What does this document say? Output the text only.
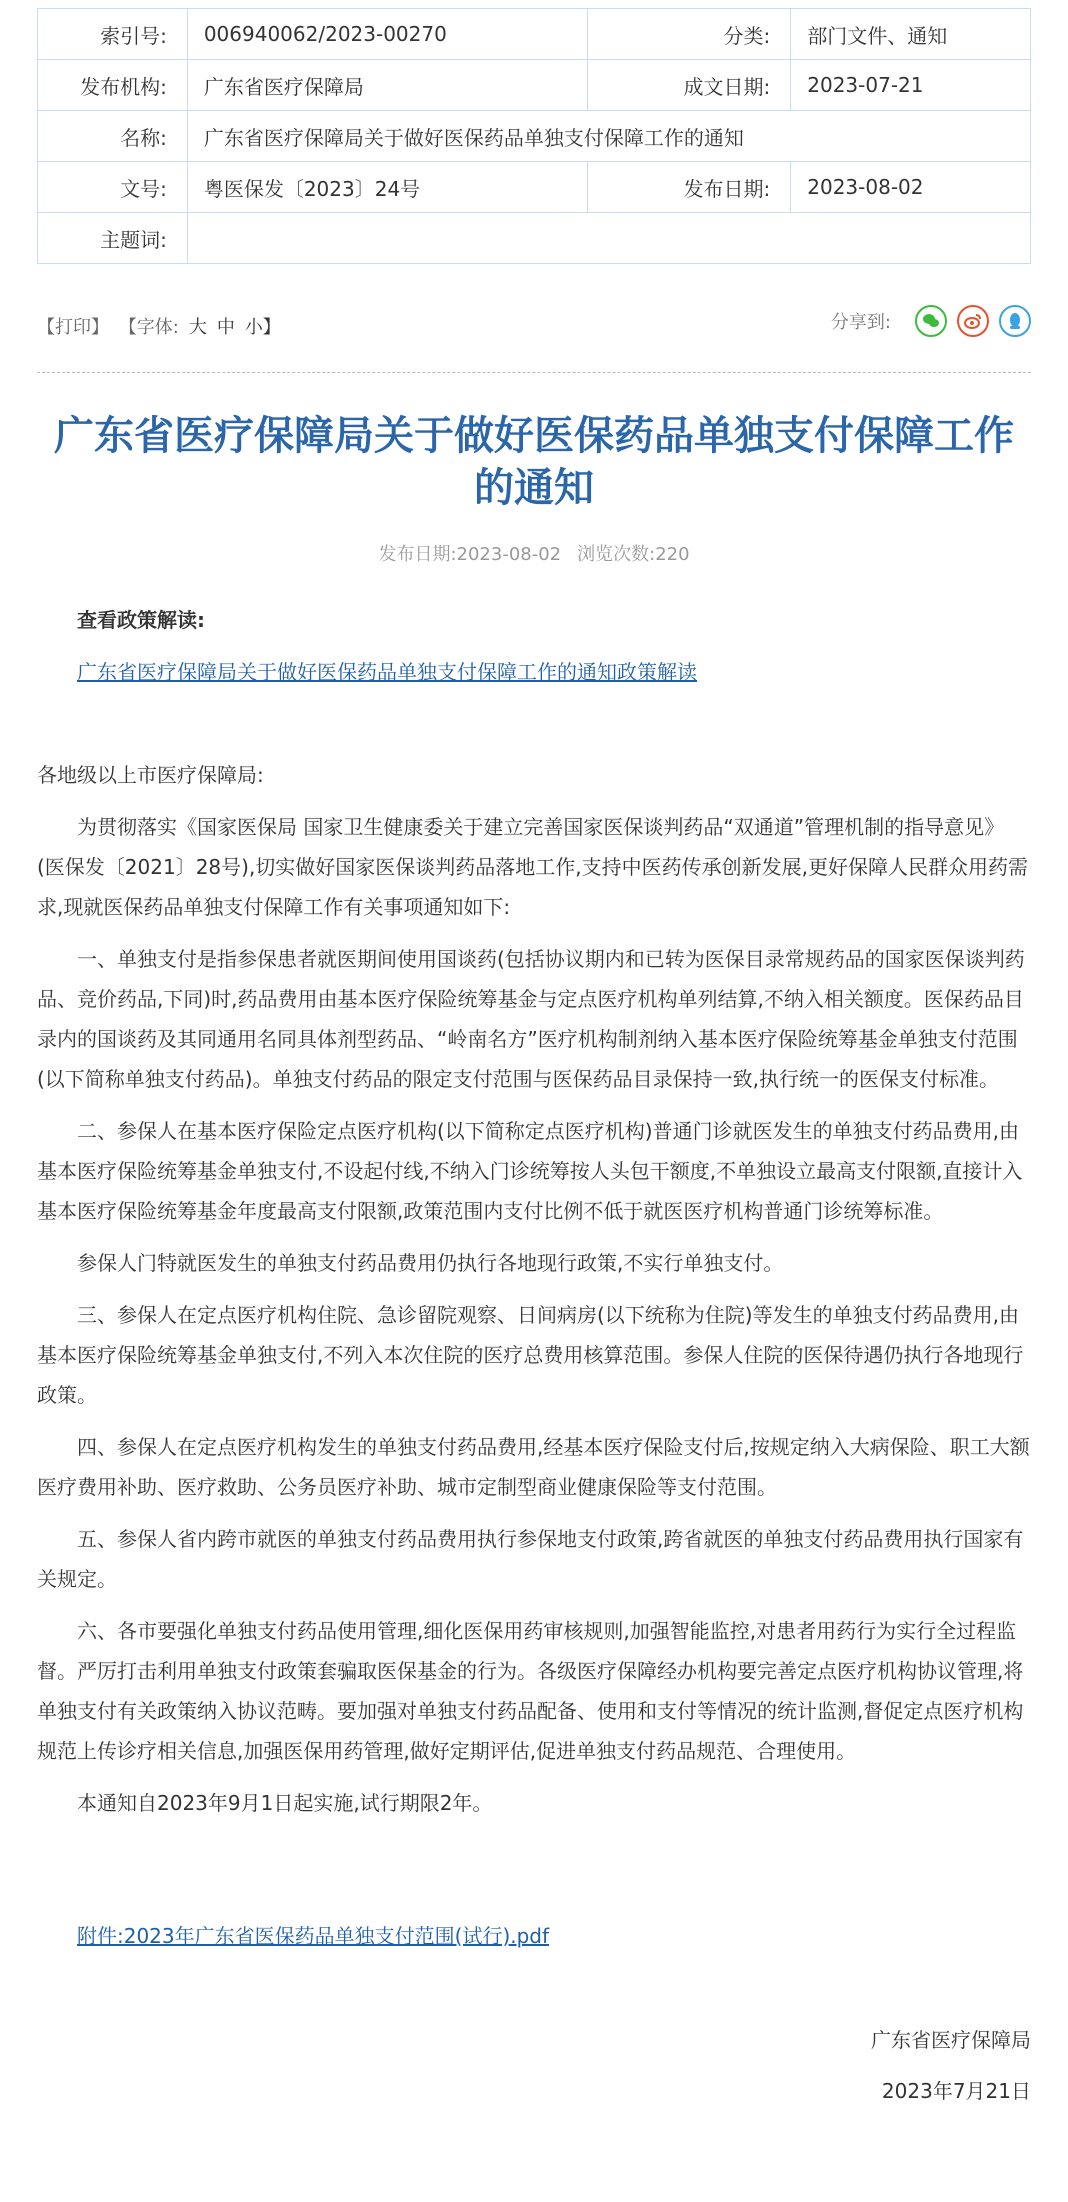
索引号:	006940062/2023-00270	分类:	部门文件、通知
发布机构:	广东省医疗保障局	成文日期:	2023-07-21
名称:	广东省医疗保障局关于做好医保药品单独支付保障工作的通知		
文号:	粤医保发〔2023〕24号	发布日期:	2023-08-02
主题词:			
【打印】 【字体: 大 中 小】	分享到:
广东省医疗保障局关于做好医保药品单独支付保障工作的通知
发布日期:2023-08-02 浏览次数:220
查看政策解读:
广东省医疗保障局关于做好医保药品单独支付保障工作的通知政策解读

各地级以上市医疗保障局:

为贯彻落实《国家医保局 国家卫生健康委关于建立完善国家医保谈判药品“双通道”管理机制的指导意见》(医保发〔2021〕28号),切实做好国家医保谈判药品落地工作,支持中医药传承创新发展,更好保障人民群众用药需求,现就医保药品单独支付保障工作有关事项通知如下:

一、单独支付是指参保患者就医期间使用国谈药(包括协议期内和已转为医保目录常规药品的国家医保谈判药品、竞价药品,下同)时,药品费用由基本医疗保险统筹基金与定点医疗机构单列结算,不纳入相关额度。医保药品目录内的国谈药及其同通用名同具体剂型药品、“岭南名方”医疗机构制剂纳入基本医疗保险统筹基金单独支付范围(以下简称单独支付药品)。单独支付药品的限定支付范围与医保药品目录保持一致,执行统一的医保支付标准。

二、参保人在基本医疗保险定点医疗机构(以下简称定点医疗机构)普通门诊就医发生的单独支付药品费用,由基本医疗保险统筹基金单独支付,不设起付线,不纳入门诊统筹按人头包干额度,不单独设立最高支付限额,直接计入基本医疗保险统筹基金年度最高支付限额,政策范围内支付比例不低于就医医疗机构普通门诊统筹标准。

参保人门特就医发生的单独支付药品费用仍执行各地现行政策,不实行单独支付。

三、参保人在定点医疗机构住院、急诊留院观察、日间病房(以下统称为住院)等发生的单独支付药品费用,由基本医疗保险统筹基金单独支付,不列入本次住院的医疗总费用核算范围。参保人住院的医保待遇仍执行各地现行政策。

四、参保人在定点医疗机构发生的单独支付药品费用,经基本医疗保险支付后,按规定纳入大病保险、职工大额医疗费用补助、医疗救助、公务员医疗补助、城市定制型商业健康保险等支付范围。

五、参保人省内跨市就医的单独支付药品费用执行参保地支付政策,跨省就医的单独支付药品费用执行国家有关规定。

六、各市要强化单独支付药品使用管理,细化医保用药审核规则,加强智能监控,对患者用药行为实行全过程监督。严厉打击利用单独支付政策套骗取医保基金的行为。各级医疗保障经办机构要完善定点医疗机构协议管理,将单独支付有关政策纳入协议范畴。要加强对单独支付药品配备、使用和支付等情况的统计监测,督促定点医疗机构规范上传诊疗相关信息,加强医保用药管理,做好定期评估,促进单独支付药品规范、合理使用。

本通知自2023年9月1日起实施,试行期限2年。

附件:2023年广东省医保药品单独支付范围(试行).pdf
广东省医疗保障局
2023年7月21日
